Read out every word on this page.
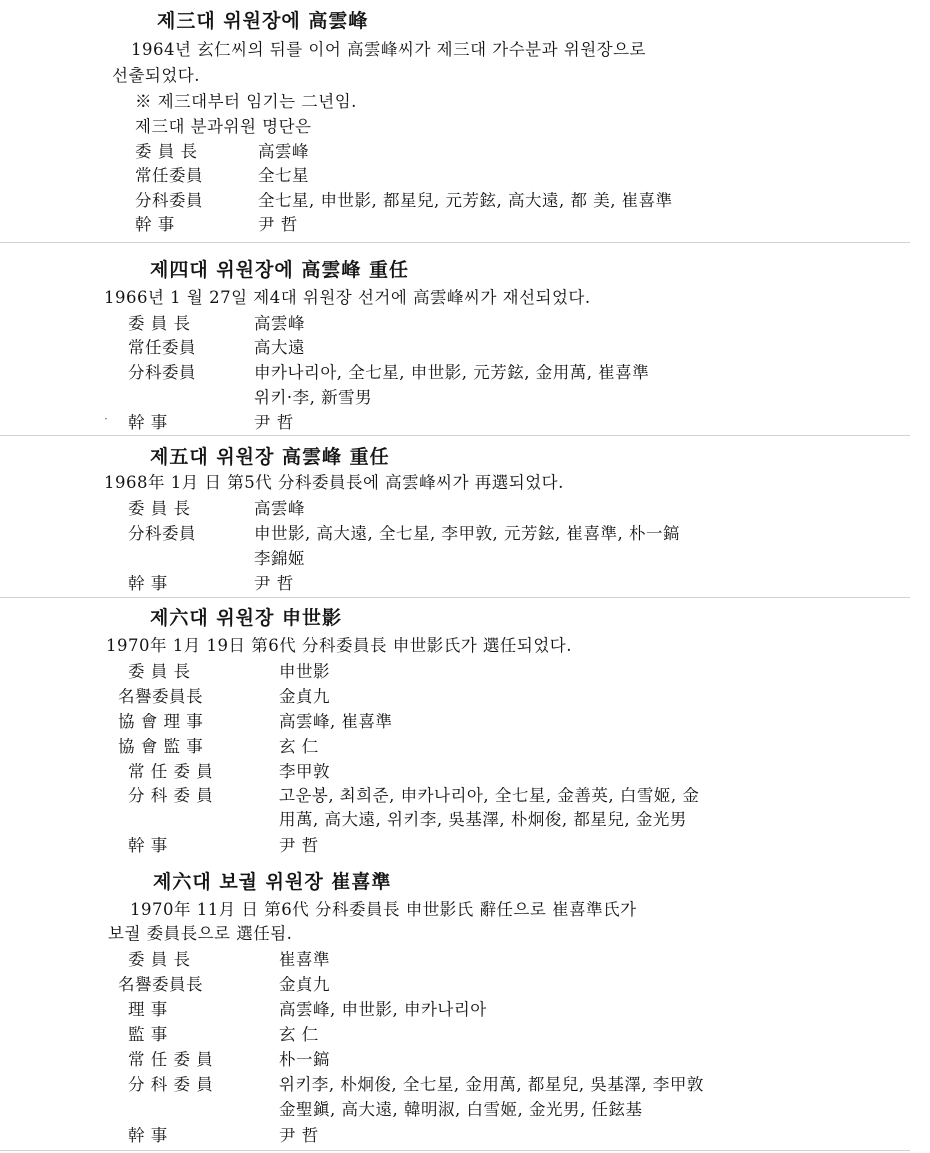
제三대 위원장에 高雲峰
1964년 玄仁씨의 뒤를 이어 高雲峰씨가 제三대 가수분과 위원장으로
선출되었다.
※ 제三대부터 임기는 二년임.
제三대 분과위원 명단은
委 員 長	高雲峰
常任委員	全七星
分科委員	全七星, 申世影, 都星兒, 元芳鉉, 高大遠, 都 美, 崔喜準
幹 事	尹 哲
제四대 위원장에 高雲峰 重任
1966년 1 월 27일 제4대 위원장 선거에 高雲峰씨가 재선되었다.
委 員 長	高雲峰
常任委員	高大遠
分科委員	申카나리아, 全七星, 申世影, 元芳鉉, 金用萬, 崔喜準
위키·李, 新雪男
· 幹 事	尹 哲
제五대 위원장 高雲峰 重任
1968年 1月 日 第5代 分科委員長에 高雲峰씨가 再選되었다.
委 員 長	高雲峰
分科委員	申世影, 高大遠, 全七星, 李甲敦, 元芳鉉, 崔喜準, 朴一鎬
李錦姬
幹 事	尹 哲
제六대 위원장 申世影
1970年 1月 19日 第6代 分科委員長 申世影氏가 選任되었다.
委 員 長	申世影
名譽委員長	金貞九
協 會 理 事	高雲峰, 崔喜準
協 會 監 事	玄 仁
常 任 委 員	李甲敦
分 科 委 員	고운봉, 최희준, 申카나리아, 全七星, 金善英, 白雪姬, 金
用萬, 高大遠, 위키李, 吳基澤, 朴炯俊, 都星兒, 金光男
幹 事	尹 哲
제六대 보궐 위원장 崔喜準
1970年 11月 日 第6代 分科委員長 申世影氏 辭任으로 崔喜準氏가
보궐 委員長으로 選任됨.
委 員 長	崔喜準
名譽委員長	金貞九
理 事	高雲峰, 申世影, 申카나리아
監 事	玄 仁
常 任 委 員	朴一鎬
分 科 委 員	위키李, 朴炯俊, 全七星, 金用萬, 都星兒, 吳基澤, 李甲敦
金聖鎭, 高大遠, 韓明淑, 白雪姬, 金光男, 任鉉基
幹 事	尹 哲
